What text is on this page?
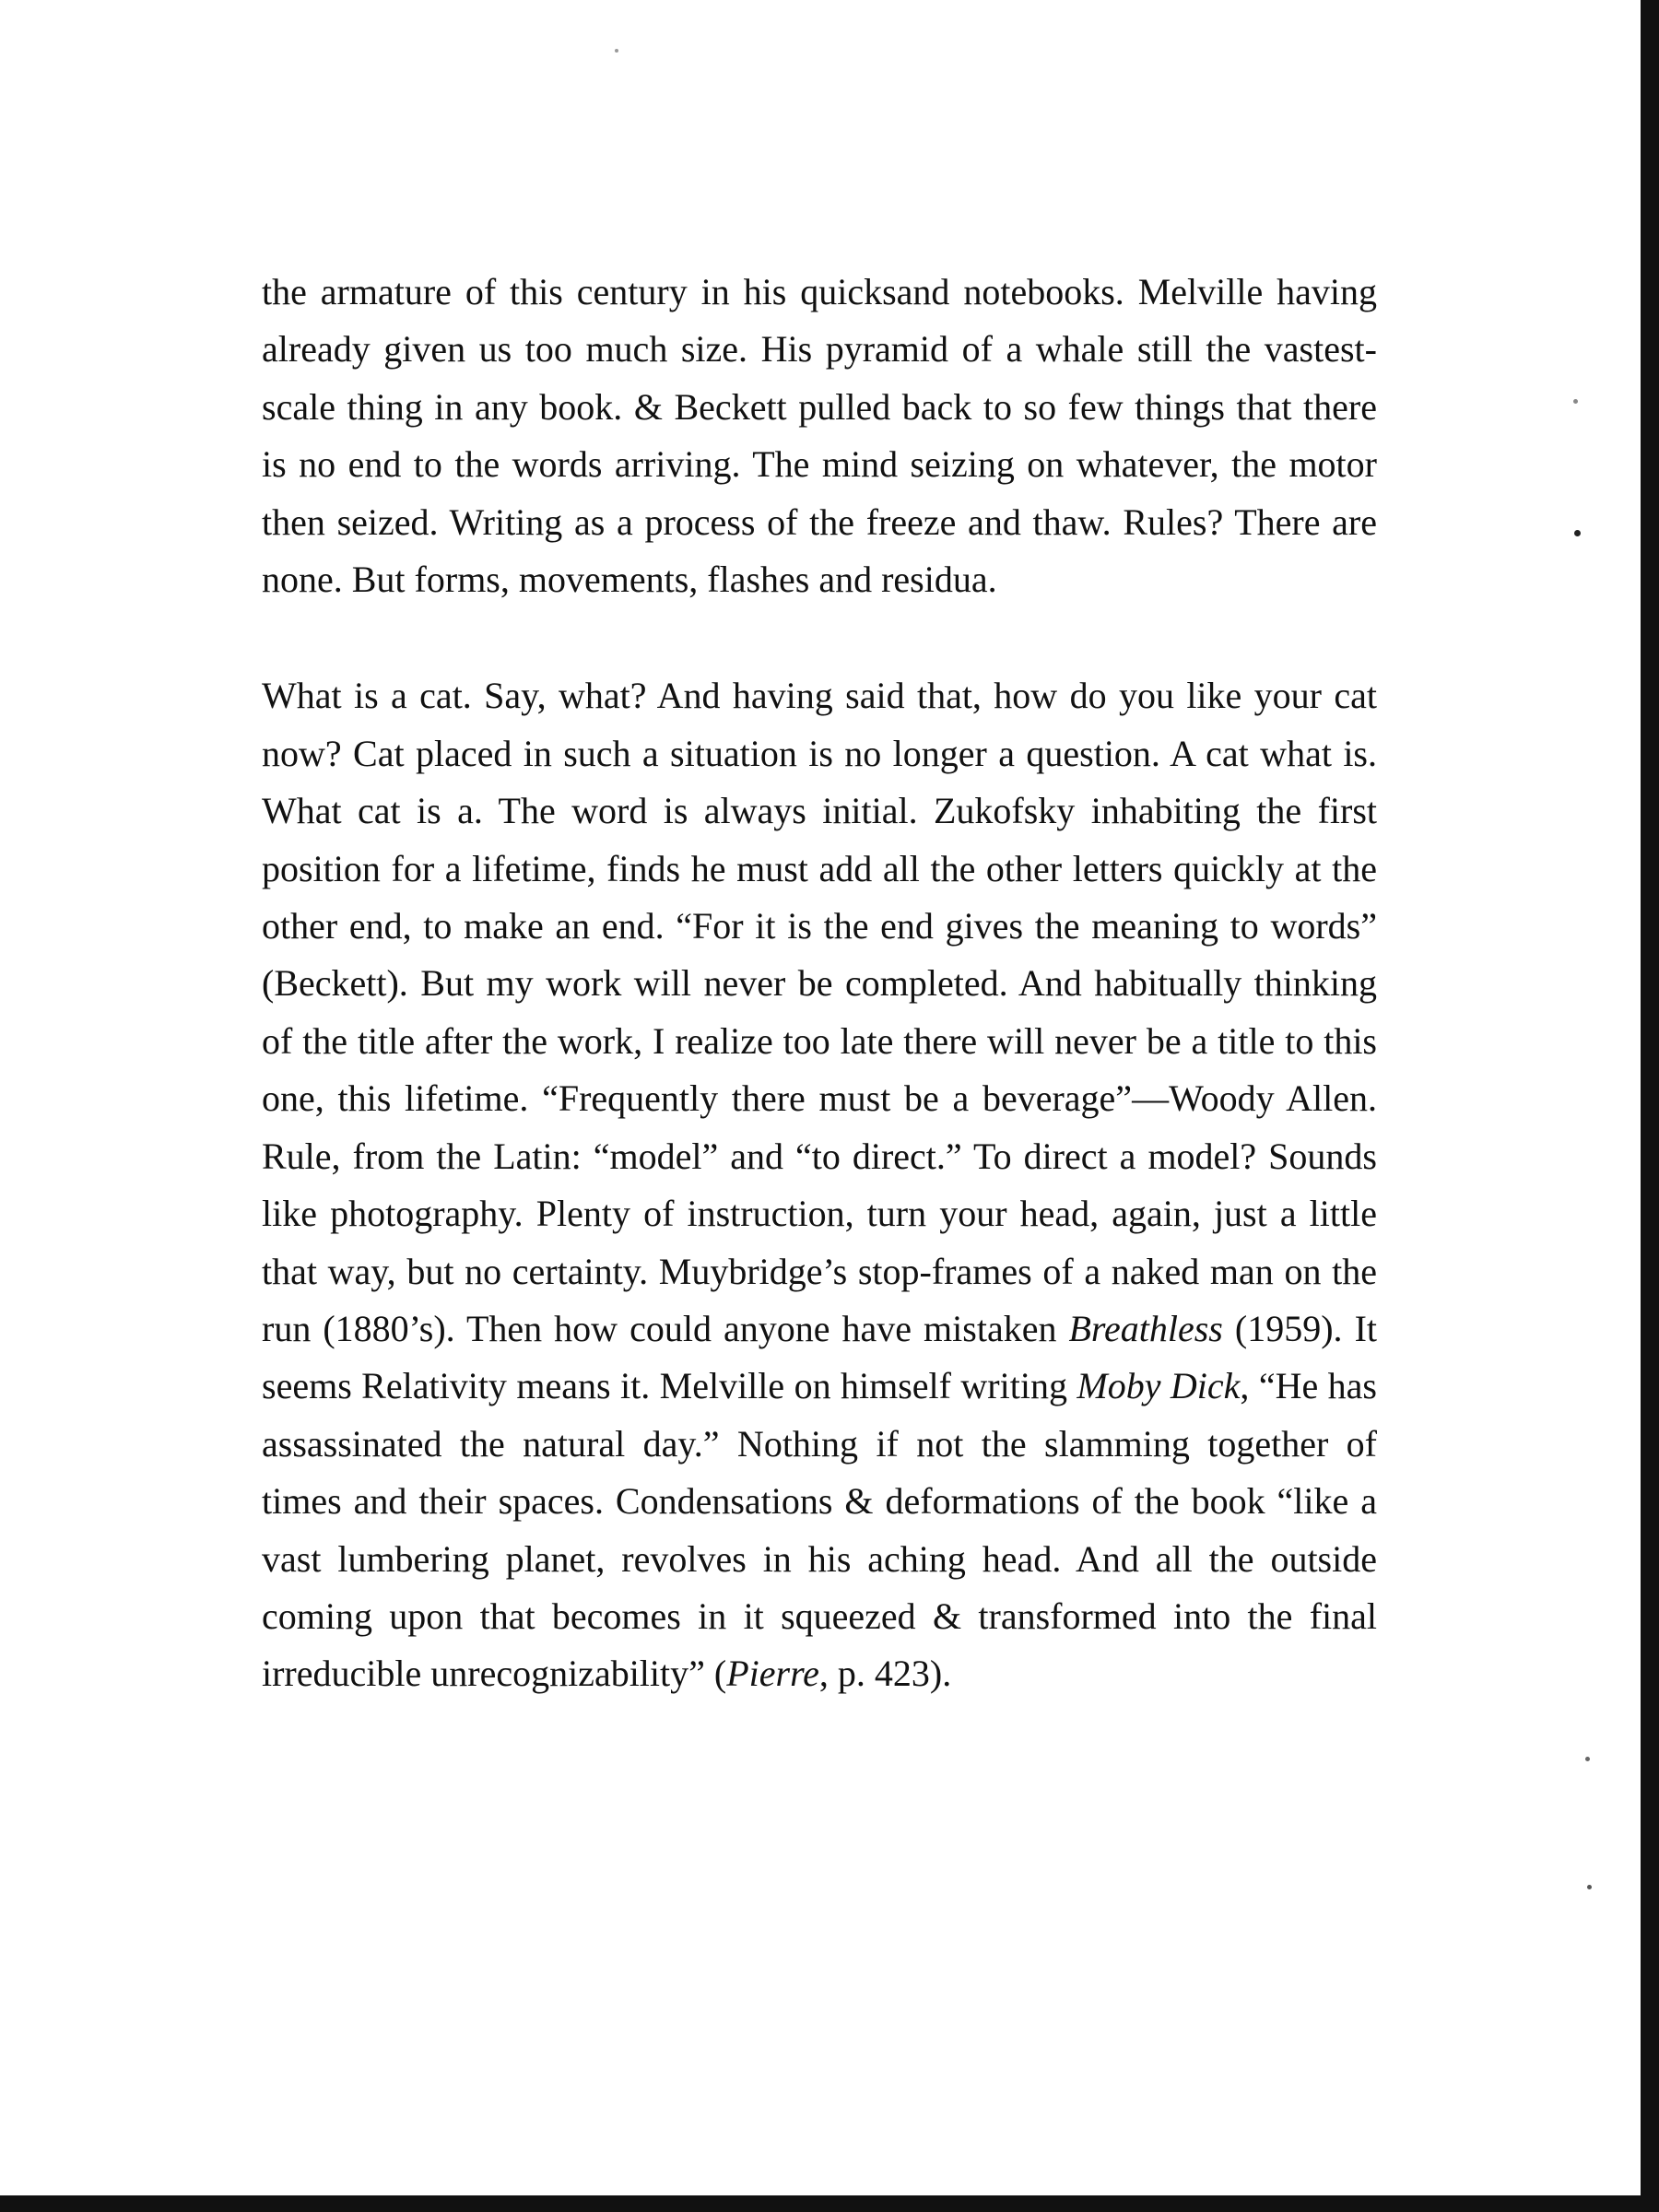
the armature of this century in his quicksand notebooks. Melville having already given us too much size. His pyramid of a whale still the vastest-scale thing in any book. & Beckett pulled back to so few things that there is no end to the words arriving. The mind seizing on whatever, the motor then seized. Writing as a process of the freeze and thaw. Rules? There are none. But forms, movements, flashes and residua.

What is a cat. Say, what? And having said that, how do you like your cat now? Cat placed in such a situation is no longer a question. A cat what is. What cat is a. The word is always initial. Zukofsky inhabiting the first position for a lifetime, finds he must add all the other letters quickly at the other end, to make an end. “For it is the end gives the meaning to words” (Beckett). But my work will never be completed. And habitually thinking of the title after the work, I realize too late there will never be a title to this one, this lifetime. “Frequently there must be a beverage”—Woody Allen. Rule, from the Latin: “model” and “to direct.” To direct a model? Sounds like photography. Plenty of instruction, turn your head, again, just a little that way, but no certainty. Muybridge’s stop-frames of a naked man on the run (1880’s). Then how could anyone have mistaken Breathless (1959). It seems Relativity means it. Melville on himself writing Moby Dick, “He has assassinated the natural day.” Nothing if not the slamming together of times and their spaces. Condensations & deformations of the book “like a vast lumbering planet, revolves in his aching head. And all the outside coming upon that becomes in it squeezed & transformed into the final irreducible unrecognizability” (Pierre, p. 423).
